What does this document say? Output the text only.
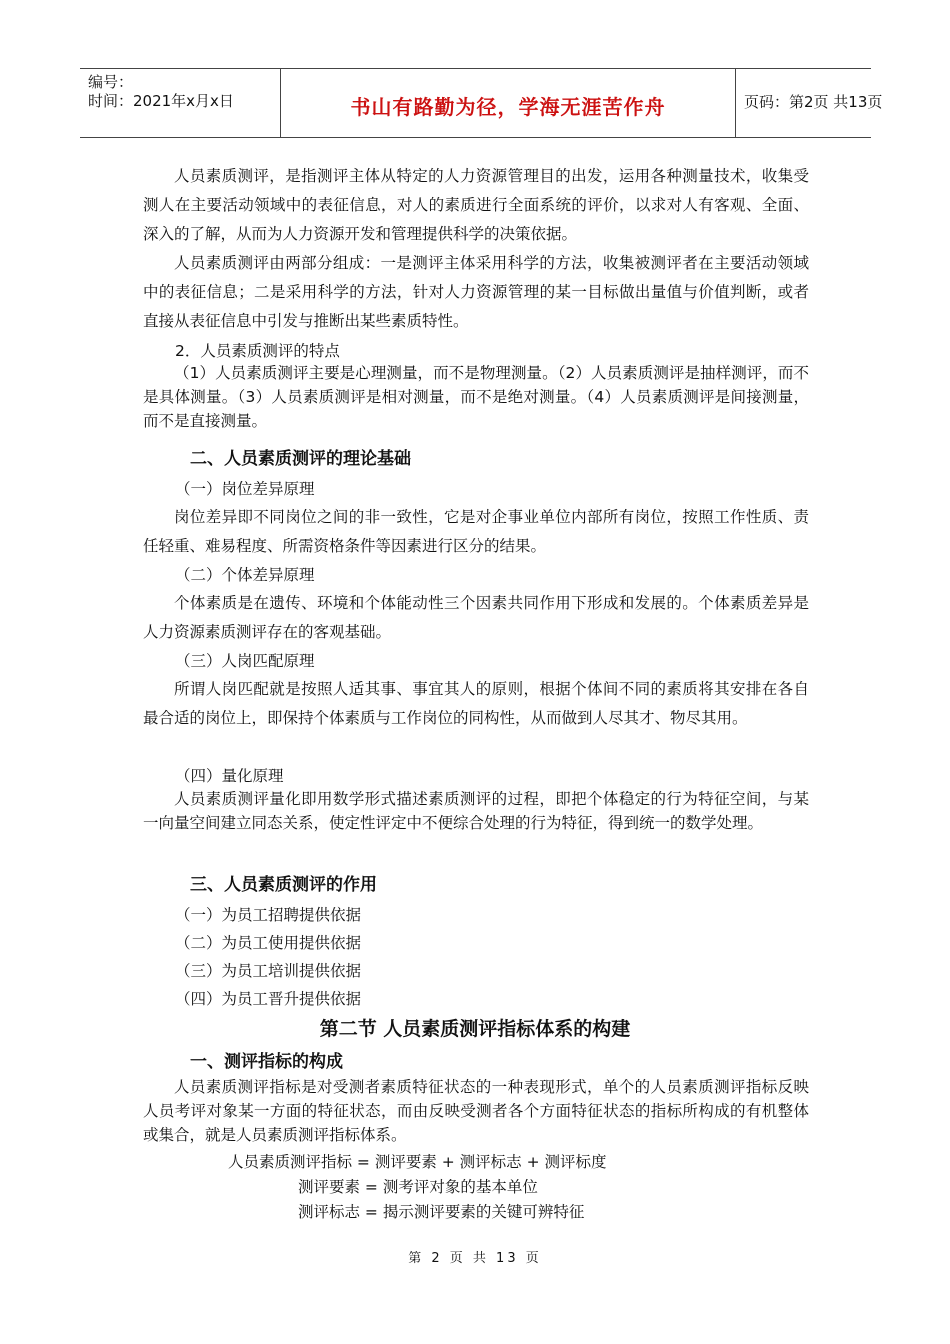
编号：
时间：2021年x月x日	书山有路勤为径，学海无涯苦作舟	页码：第2页 共13页

人员素质测评，是指测评主体从特定的人力资源管理目的出发，运用各种测量技术，收集受测人在主要活动领域中的表征信息，对人的素质进行全面系统的评价，以求对人有客观、全面、深入的了解，从而为人力资源开发和管理提供科学的决策依据。

人员素质测评由两部分组成：一是测评主体采用科学的方法，收集被测评者在主要活动领域中的表征信息；二是采用科学的方法，针对人力资源管理的某一目标做出量值与价值判断，或者直接从表征信息中引发与推断出某些素质特性。

2．人员素质测评的特点

（1）人员素质测评主要是心理测量，而不是物理测量。（2）人员素质测评是抽样测评，而不是具体测量。（3）人员素质测评是相对测量，而不是绝对测量。（4）人员素质测评是间接测量，而不是直接测量。

二、人员素质测评的理论基础
（一）岗位差异原理

岗位差异即不同岗位之间的非一致性，它是对企事业单位内部所有岗位，按照工作性质、责任轻重、难易程度、所需资格条件等因素进行区分的结果。

（二）个体差异原理

个体素质是在遗传、环境和个体能动性三个因素共同作用下形成和发展的。个体素质差异是人力资源素质测评存在的客观基础。

（三）人岗匹配原理

所谓人岗匹配就是按照人适其事、事宜其人的原则，根据个体间不同的素质将其安排在各自最合适的岗位上，即保持个体素质与工作岗位的同构性，从而做到人尽其才、物尽其用。

（四）量化原理

人员素质测评量化即用数学形式描述素质测评的过程，即把个体稳定的行为特征空间，与某一向量空间建立同态关系，使定性评定中不便综合处理的行为特征，得到统一的数学处理。

三、人员素质测评的作用
（一）为员工招聘提供依据
（二）为员工使用提供依据
（三）为员工培训提供依据
（四）为员工晋升提供依据
第二节 人员素质测评指标体系的构建
一、测评指标的构成

人员素质测评指标是对受测者素质特征状态的一种表现形式，单个的人员素质测评指标反映人员考评对象某一方面的特征状态，而由反映受测者各个方面特征状态的指标所构成的有机整体或集合，就是人员素质测评指标体系。

人员素质测评指标 = 测评要素 + 测评标志 + 测评标度
测评要素 = 测考评对象的基本单位
测评标志 = 揭示测评要素的关键可辨特征
第 2 页 共 13 页
